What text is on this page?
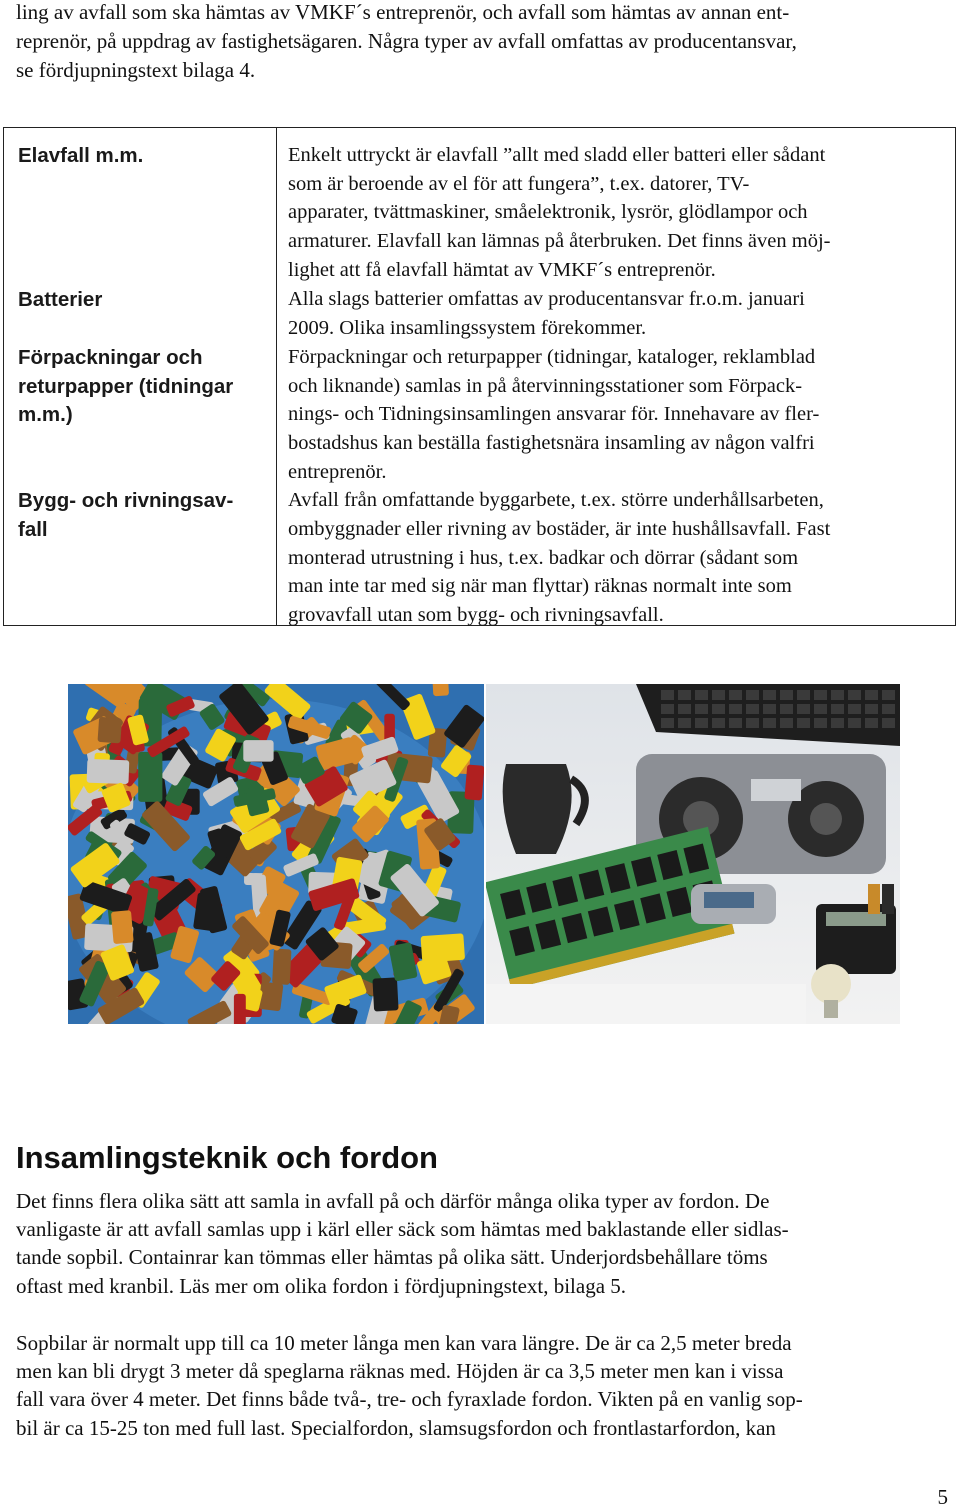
ling av avfall som ska hämtas av VMKF´s entreprenör, och avfall som hämtas av annan ent-
reprenör, på uppdrag av fastighetsägaren. Några typer av avfall omfattas av producentansvar,
se fördjupningstext bilaga 4.
Elavfall m.m.	Enkelt uttryckt är elavfall ”allt med sladd eller batteri eller sådant
som är beroende av el för att fungera”, t.ex. datorer, TV-
apparater, tvättmaskiner, småelektronik, lysrör, glödlampor och
armaturer. Elavfall kan lämnas på återbruken. Det finns även möj-
lighet att få elavfall hämtat av VMKF´s entreprenör.
Batterier	Alla slags batterier omfattas av producentansvar fr.o.m. januari
2009. Olika insamlingssystem förekommer.
Förpackningar och
returpapper (tidningar
m.m.)
Förpackningar och returpapper (tidningar, kataloger, reklamblad
och liknande) samlas in på återvinningsstationer som Förpack-
nings- och Tidningsinsamlingen ansvarar för. Innehavare av fler-
bostadshus kan beställa fastighetsnära insamling av någon valfri
entreprenör.
Bygg- och rivningsav-
fall
Avfall från omfattande byggarbete, t.ex. större underhållsarbeten,
ombyggnader eller rivning av bostäder, är inte hushållsavfall. Fast
monterad utrustning i hus, t.ex. badkar och dörrar (sådant som
man inte tar med sig när man flyttar) räknas normalt inte som
grovavfall utan som bygg- och rivningsavfall.
Insamlingsteknik och fordon
Det finns flera olika sätt att samla in avfall på och därför många olika typer av fordon. De
vanligaste är att avfall samlas upp i kärl eller säck som hämtas med baklastande eller sidlas-
tande sopbil. Containrar kan tömmas eller hämtas på olika sätt. Underjordsbehållare töms
oftast med kranbil. Läs mer om olika fordon i fördjupningstext, bilaga 5.
Sopbilar är normalt upp till ca 10 meter långa men kan vara längre. De är ca 2,5 meter breda
men kan bli drygt 3 meter då speglarna räknas med. Höjden är ca 3,5 meter men kan i vissa
fall vara över 4 meter. Det finns både två-, tre- och fyraxlade fordon. Vikten på en vanlig sop-
bil är ca 15-25 ton med full last. Specialfordon, slamsugsfordon och frontlastarfordon, kan
5
